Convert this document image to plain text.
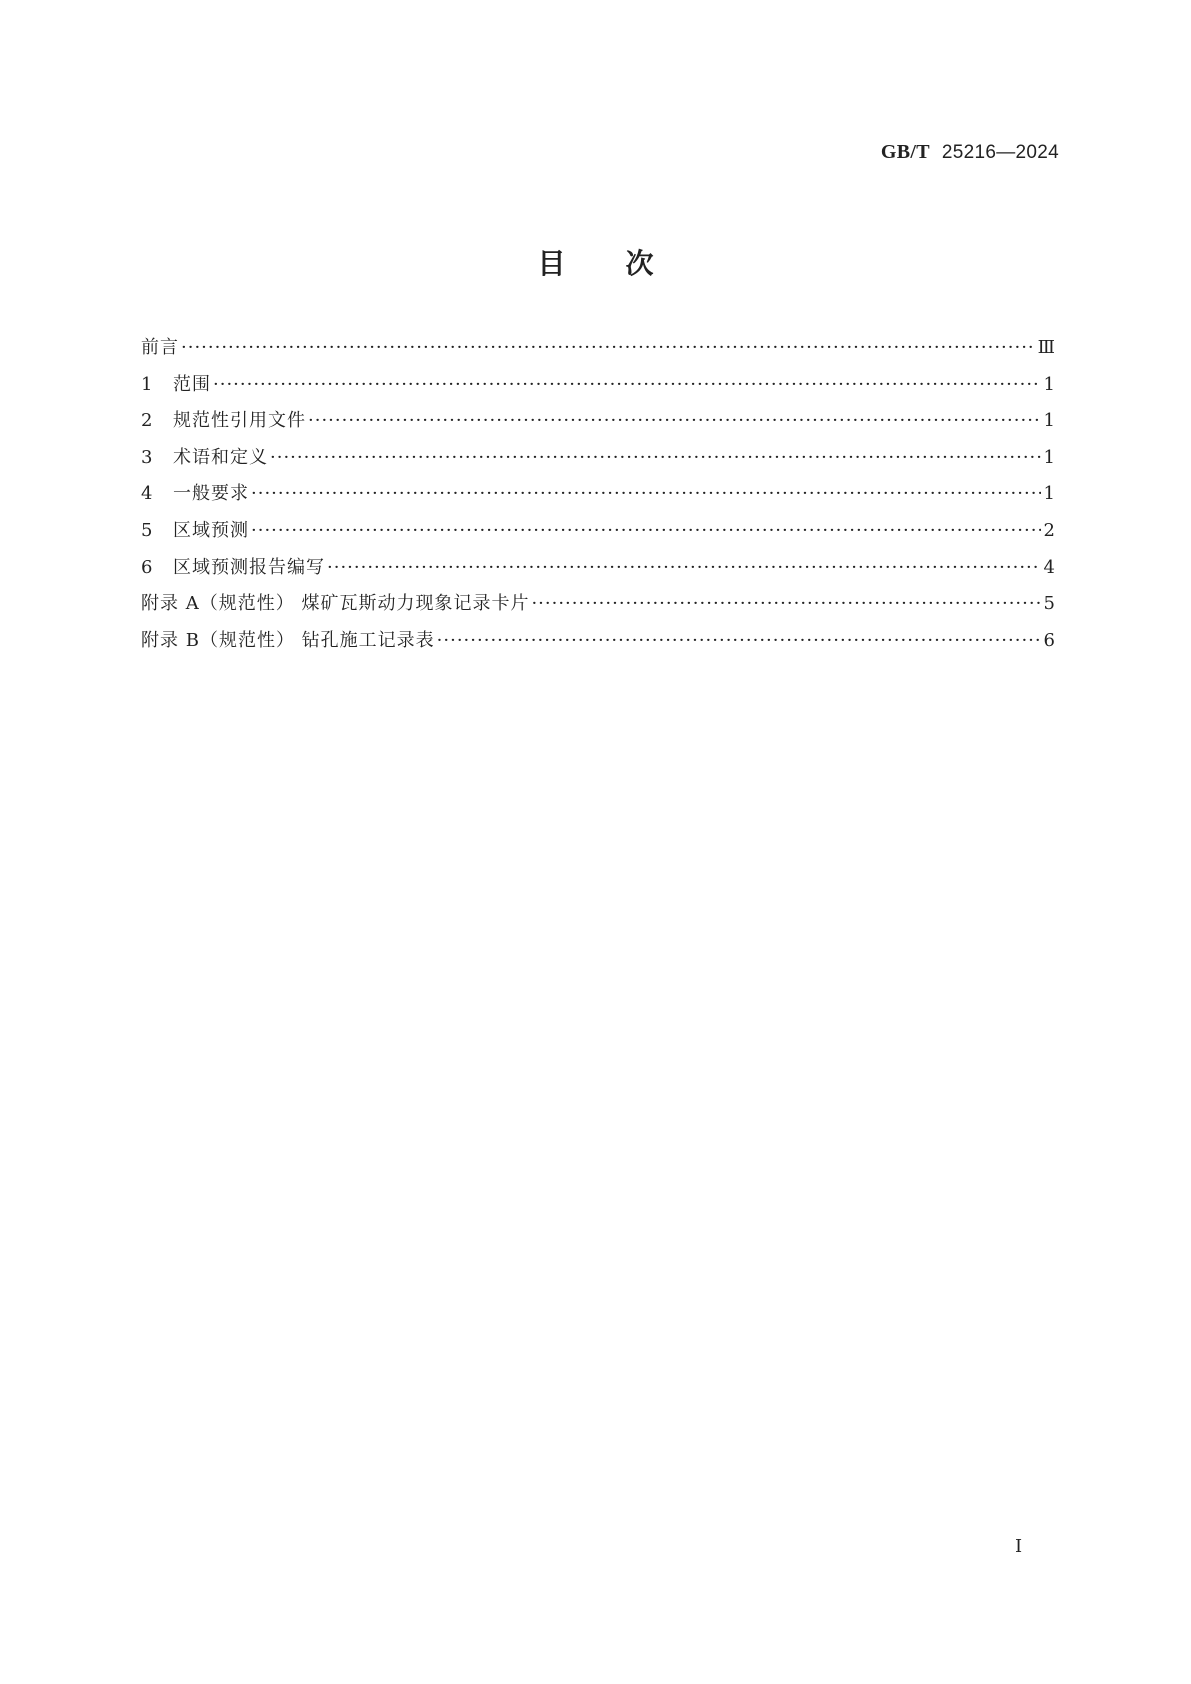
GB/T 25216—2024
目次
前言 ·····	Ⅲ
1	范围 ·····	1
2	规范性引用文件 ·····	1
3	术语和定义 ·····	1
4	一般要求 ·····	1
5	区域预测 ·····	2
6	区域预测报告编写 ·····	4
附录 A（规范性） 煤矿瓦斯动力现象记录卡片 ·····	5
附录 B（规范性） 钻孔施工记录表 ·····	6
I
